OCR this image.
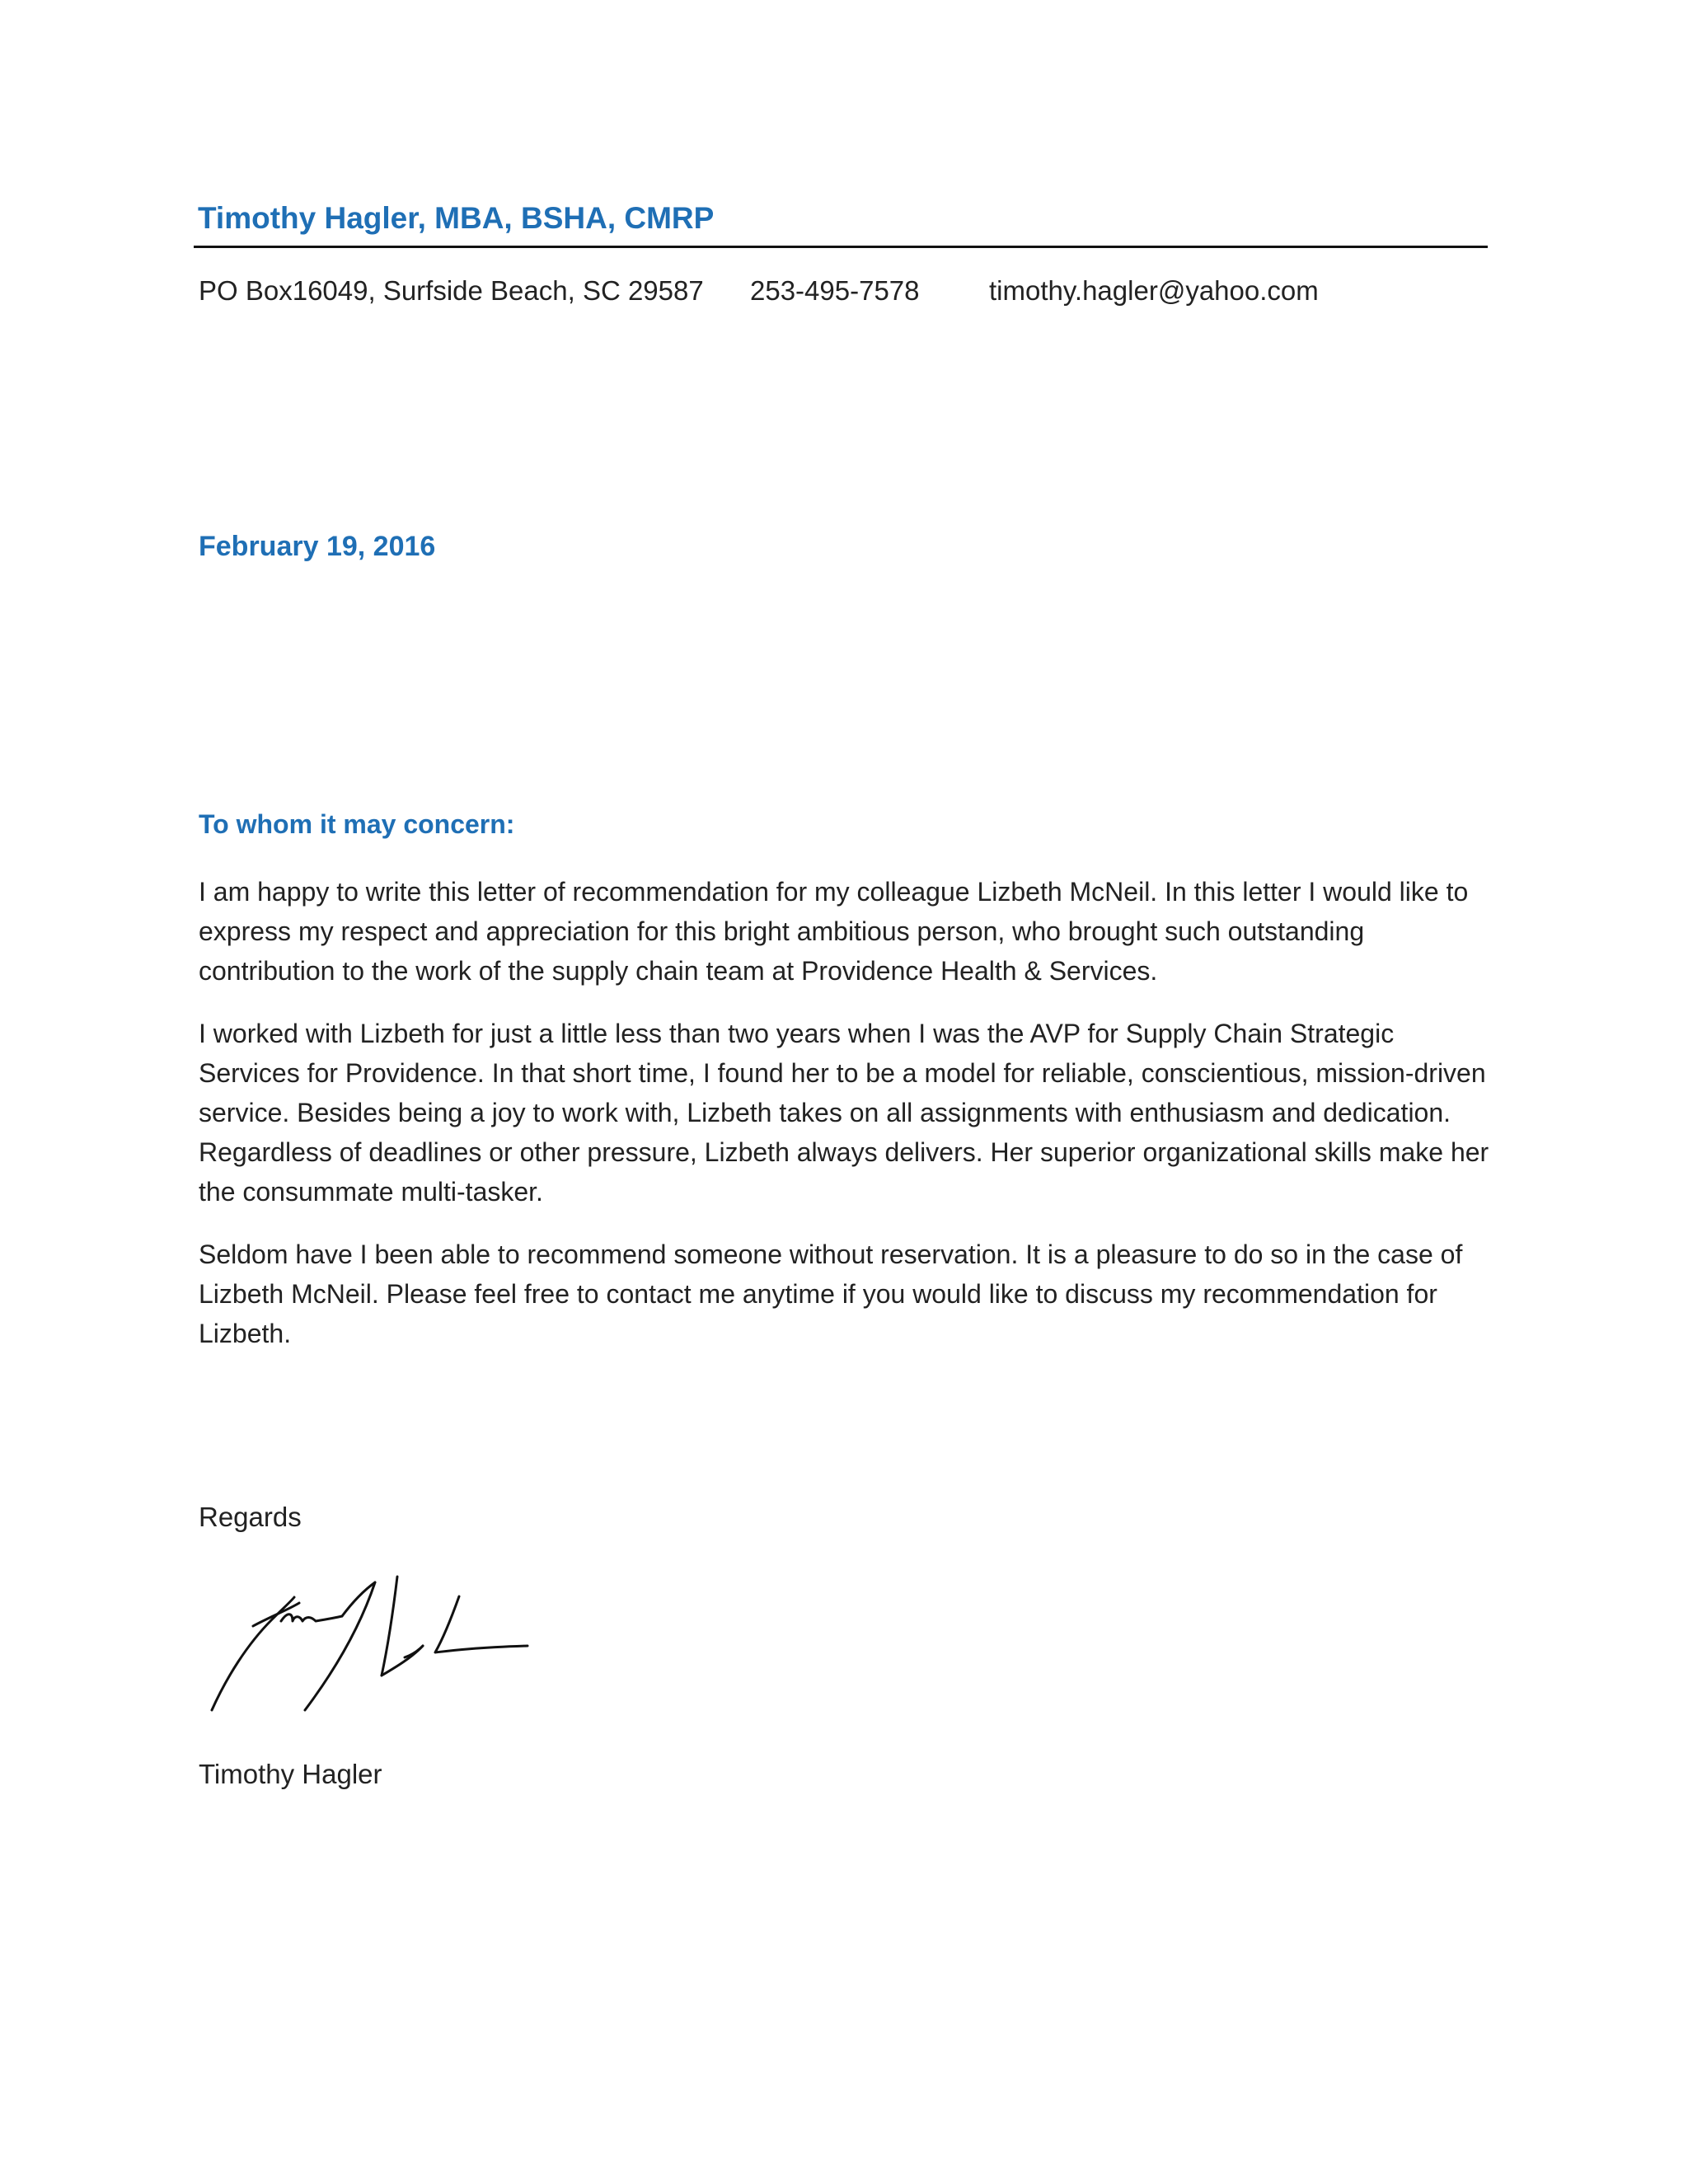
Timothy Hagler, MBA, BSHA, CMRP
PO Box16049, Surfside Beach, SC 29587 253-495-7578	timothy.hagler@yahoo.com
February 19, 2016
To whom it may concern:

I am happy to write this letter of recommendation for my colleague Lizbeth McNeil. In this letter I would like to express my respect and appreciation for this bright ambitious person, who brought such outstanding contribution to the work of the supply chain team at Providence Health & Services.

I worked with Lizbeth for just a little less than two years when I was the AVP for Supply Chain Strategic Services for Providence. In that short time, I found her to be a model for reliable, conscientious, mission-driven service. Besides being a joy to work with, Lizbeth takes on all assignments with enthusiasm and dedication. Regardless of deadlines or other pressure, Lizbeth always delivers. Her superior organizational skills make her the consummate multi-tasker.

Seldom have I been able to recommend someone without reservation. It is a pleasure to do so in the case of Lizbeth McNeil. Please feel free to contact me anytime if you would like to discuss my recommendation for Lizbeth.

Regards
Timothy Hagler
